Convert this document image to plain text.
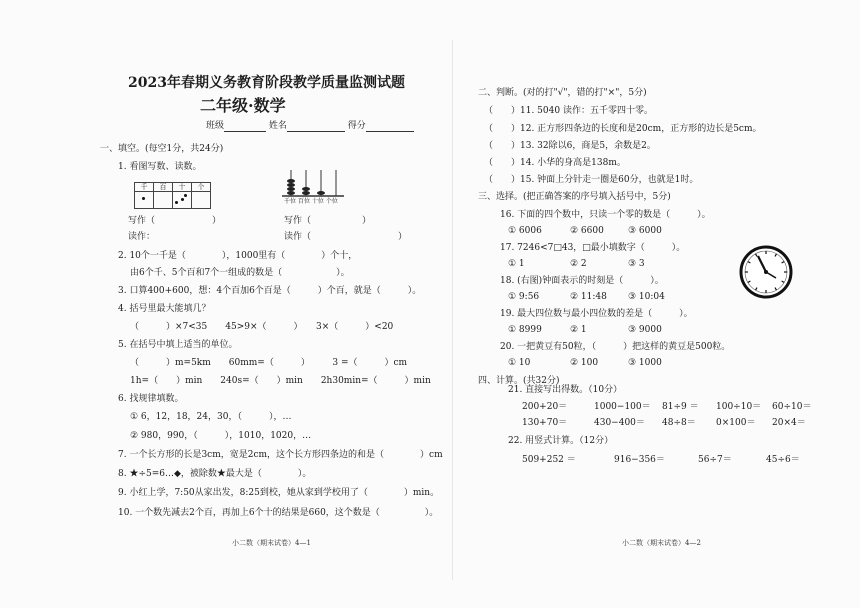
2023年春期义务教育阶段教学质量监测试题
二年级·数学
班级	姓名	得分
一、填空。(每空1分，共24分)
1. 看图写数、读数。
千	百	十	个
千位 百位 十位 个位
写作（	）	写作（	）
读作：	读作（	）
2. 10个一千是（　　　　），1000里有（　　　　）个十，
由6个千、5个百和7个一组成的数是（　　　　　　）。
3. 口算400+600，想：4个百加6个百是（　　　）个百，就是（　　　）。
4. 括号里最大能填几？
（　　　）×7<35　　45>9×（　　　）　　3×（　　　）<20
5. 在括号中填上适当的单位。
（　　　）m=5km　　60mm=（　　　）　　　3 =（　　　）cm
1h=（　　）min　　240s=（　　）min　　2h30min=（　　　）min
6. 找规律填数。
① 6，12，18，24，30，（　　　），…
② 980，990，（　　　），1010，1020，…
7. 一个长方形的长是3cm，宽是2cm，这个长方形四条边的和是（　　　　）cm
8. ★÷5=6…◆，被除数★最大是（　　　　）。
9. 小红上学，7:50从家出发，8:25到校，她从家到学校用了（　　　　）min。
10. 一个数先减去2个百，再加上6个十的结果是660，这个数是（　　　　　）。
小二数（期末试卷）4—1
二、判断。(对的打"√"，错的打"×"，5分)
（　　）11. 5040 读作：五千零四十零。
（　　）12. 正方形四条边的长度和是20cm，正方形的边长是5cm。
（　　）13. 32除以6，商是5，余数是2。
（　　）14. 小华的身高是138m。
（　　）15. 钟面上分针走一圈是60分，也就是1时。
三、选择。(把正确答案的序号填入括号中，5分)
16. 下面的四个数中，只读一个零的数是（　　　）。
① 6006	② 6600	③ 6000
17. 7246<7□43，□最小填数字（　　　）。
① 1	② 2	③ 3
18. (右图)钟面表示的时刻是（　　　）。
① 9:56	② 11:48 ③ 10:04
19. 最大四位数与最小四位数的差是（　　　）。
① 8999	② 1	③ 9000
20. 一把黄豆有50粒，（　　　）把这样的黄豆是500粒。
① 10	② 100	③ 1000
四、计算。(共32分)
21. 直接写出得数。（10分）
200+20＝	1000−100＝ 81÷9 ＝ 100÷10＝ 60÷10＝
130+70＝	430−400＝ 48÷8＝ 0×100＝ 20×4＝
22. 用竖式计算。（12分）
509+252 ＝	916−356＝	56÷7＝	45÷6＝
小二数（期末试卷）4—2
